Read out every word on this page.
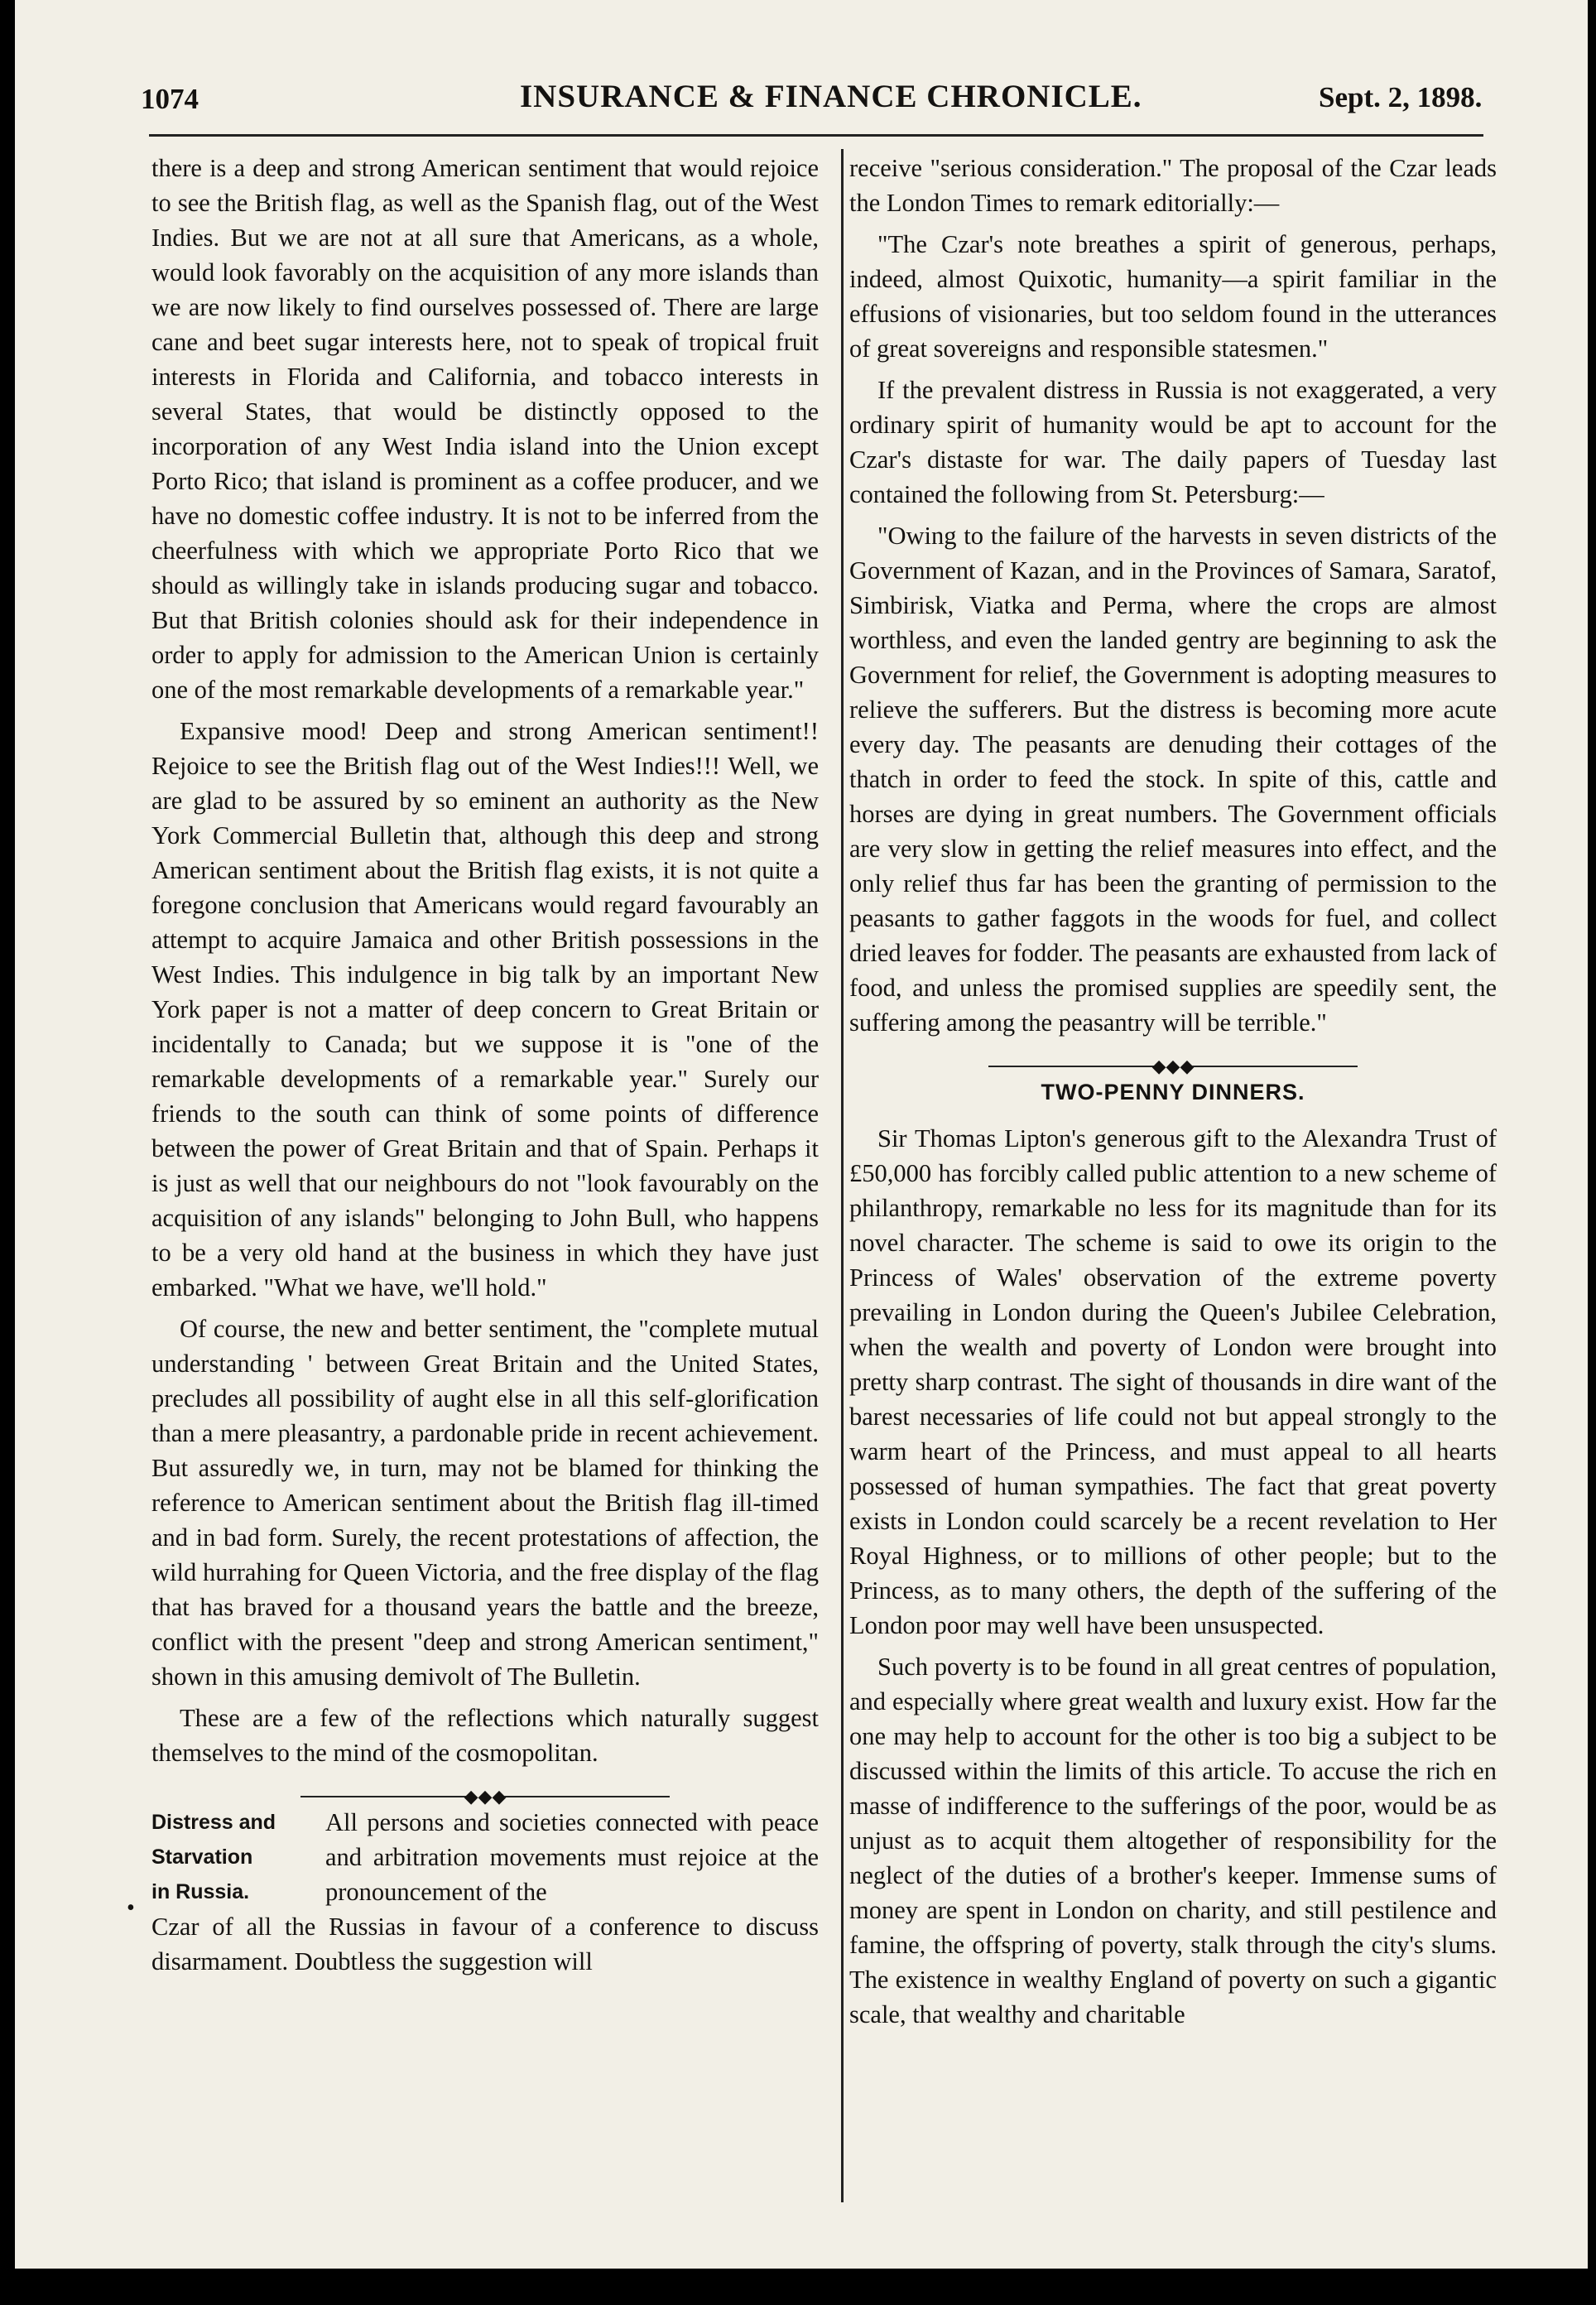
1074	INSURANCE & FINANCE CHRONICLE.	Sept. 2, 1898.

there is a deep and strong American sentiment that would rejoice to see the British flag, as well as the Spanish flag, out of the West Indies. But we are not at all sure that Americans, as a whole, would look favorably on the acquisition of any more islands than we are now likely to find ourselves possessed of. There are large cane and beet sugar interests here, not to speak of tropical fruit interests in Florida and California, and tobacco interests in several States, that would be distinctly opposed to the incorporation of any West India island into the Union except Porto Rico; that island is prominent as a coffee producer, and we have no domestic coffee industry. It is not to be inferred from the cheerfulness with which we appropriate Porto Rico that we should as willingly take in islands producing sugar and tobacco. But that British colonies should ask for their independence in order to apply for admission to the American Union is certainly one of the most remarkable developments of a remarkable year."

Expansive mood! Deep and strong American sentiment!! Rejoice to see the British flag out of the West Indies!!! Well, we are glad to be assured by so eminent an authority as the New York Commercial Bulletin that, although this deep and strong American sentiment about the British flag exists, it is not quite a foregone conclusion that Americans would regard favourably an attempt to acquire Jamaica and other British possessions in the West Indies. This indulgence in big talk by an important New York paper is not a matter of deep concern to Great Britain or incidentally to Canada; but we suppose it is "one of the remarkable developments of a remarkable year." Surely our friends to the south can think of some points of difference between the power of Great Britain and that of Spain. Perhaps it is just as well that our neighbours do not "look favourably on the acquisition of any islands" belonging to John Bull, who happens to be a very old hand at the business in which they have just embarked. "What we have, we'll hold."

Of course, the new and better sentiment, the "complete mutual understanding ' between Great Britain and the United States, precludes all possibility of aught else in all this self-glorification than a mere pleasantry, a pardonable pride in recent achievement. But assuredly we, in turn, may not be blamed for thinking the reference to American sentiment about the British flag ill-timed and in bad form. Surely, the recent protestations of affection, the wild hurrahing for Queen Victoria, and the free display of the flag that has braved for a thousand years the battle and the breeze, conflict with the present "deep and strong American sentiment," shown in this amusing demivolt of The Bulletin.

These are a few of the reflections which naturally suggest themselves to the mind of the cosmopolitan.

◆◆◆
•
Distress and
Starvation
in Russia.
All persons and societies connected with peace and arbitration movements must rejoice at the pronouncement of the
Czar of all the Russias in favour of a conference to discuss disarmament. Doubtless the suggestion will

receive "serious consideration." The proposal of the Czar leads the London Times to remark editorially:—

"The Czar's note breathes a spirit of generous, perhaps, indeed, almost Quixotic, humanity—a spirit familiar in the effusions of visionaries, but too seldom found in the utterances of great sovereigns and responsible statesmen."

If the prevalent distress in Russia is not exaggerated, a very ordinary spirit of humanity would be apt to account for the Czar's distaste for war. The daily papers of Tuesday last contained the following from St. Petersburg:—

"Owing to the failure of the harvests in seven districts of the Government of Kazan, and in the Provinces of Samara, Saratof, Simbirisk, Viatka and Perma, where the crops are almost worthless, and even the landed gentry are beginning to ask the Government for relief, the Government is adopting measures to relieve the sufferers. But the distress is becoming more acute every day. The peasants are denuding their cottages of the thatch in order to feed the stock. In spite of this, cattle and horses are dying in great numbers. The Government officials are very slow in getting the relief measures into effect, and the only relief thus far has been the granting of permission to the peasants to gather faggots in the woods for fuel, and collect dried leaves for fodder. The peasants are exhausted from lack of food, and unless the promised supplies are speedily sent, the suffering among the peasantry will be terrible."

◆◆◆
TWO-PENNY DINNERS.

Sir Thomas Lipton's generous gift to the Alexandra Trust of £50,000 has forcibly called public attention to a new scheme of philanthropy, remarkable no less for its magnitude than for its novel character. The scheme is said to owe its origin to the Princess of Wales' observation of the extreme poverty prevailing in London during the Queen's Jubilee Celebration, when the wealth and poverty of London were brought into pretty sharp contrast. The sight of thousands in dire want of the barest necessaries of life could not but appeal strongly to the warm heart of the Princess, and must appeal to all hearts possessed of human sympathies. The fact that great poverty exists in London could scarcely be a recent revelation to Her Royal Highness, or to millions of other people; but to the Princess, as to many others, the depth of the suffering of the London poor may well have been unsuspected.

Such poverty is to be found in all great centres of population, and especially where great wealth and luxury exist. How far the one may help to account for the other is too big a subject to be discussed within the limits of this article. To accuse the rich en masse of indifference to the sufferings of the poor, would be as unjust as to acquit them altogether of responsibility for the neglect of the duties of a brother's keeper. Immense sums of money are spent in London on charity, and still pestilence and famine, the offspring of poverty, stalk through the city's slums. The existence in wealthy England of poverty on such a gigantic scale, that wealthy and charitable
